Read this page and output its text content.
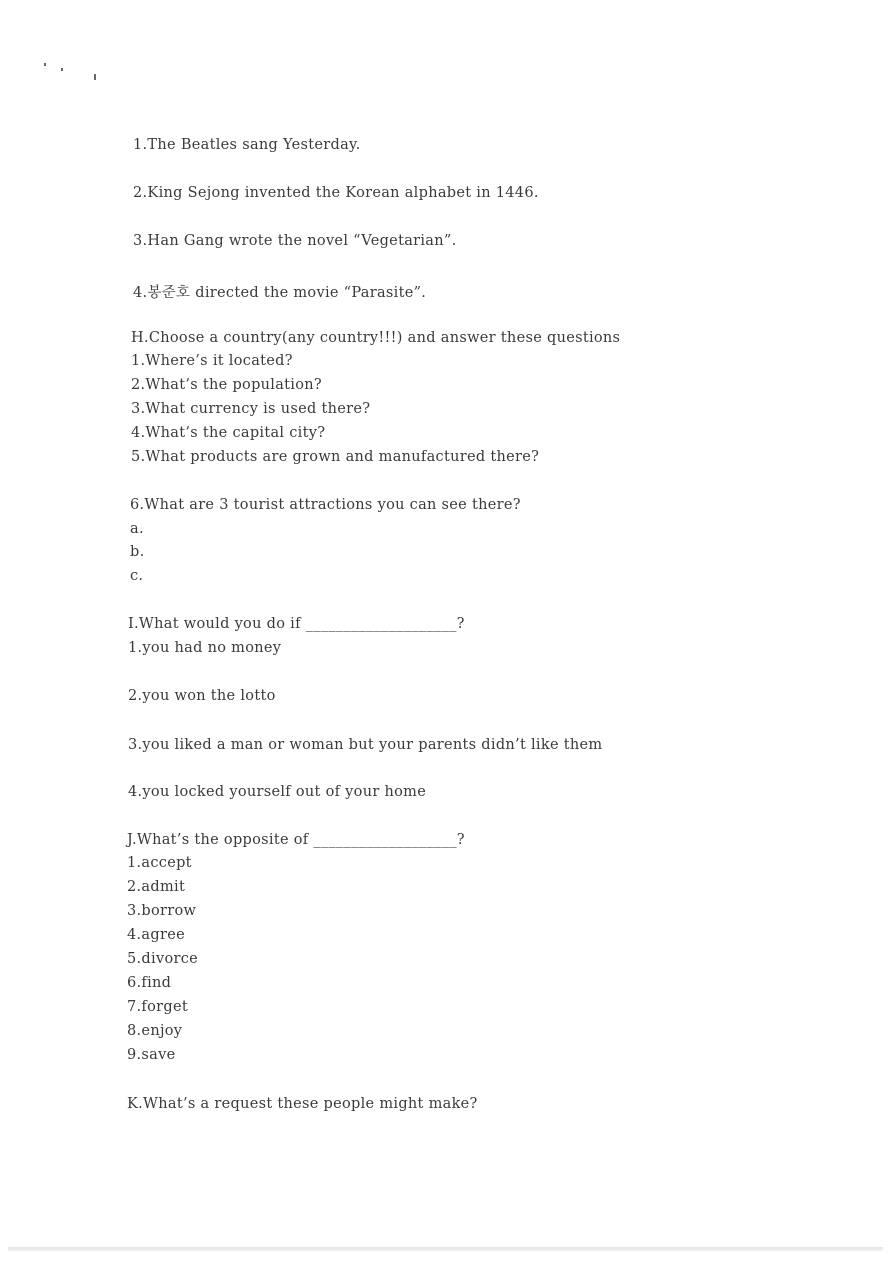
1.The Beatles sang Yesterday.
2.King Sejong invented the Korean alphabet in 1446.
3.Han Gang wrote the novel “Vegetarian”.
4.봉준호 directed the movie “Parasite”.
H.Choose a country(any country!!!) and answer these questions
1.Where’s it located?
2.What’s the population?
3.What currency is used there?
4.What’s the capital city?
5.What products are grown and manufactured there?
6.What are 3 tourist attractions you can see there?
a.
b.
c.
I.What would you do if ____________________?
1.you had no money
2.you won the lotto
3.you liked a man or woman but your parents didn’t like them
4.you locked yourself out of your home
J.What’s the opposite of ___________________?
1.accept
2.admit
3.borrow
4.agree
5.divorce
6.find
7.forget
8.enjoy
9.save
K.What’s a request these people might make?
